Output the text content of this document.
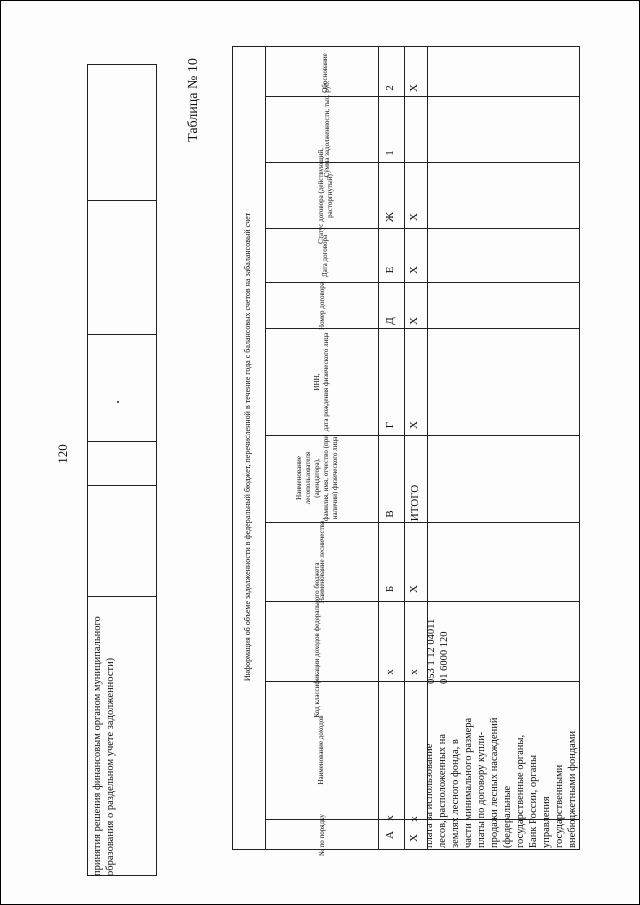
120
Таблица № 10
принятия решения финансовым органом муниципального образования о раздельном учете задолженности)
Информация об объеме задолженности в федеральный бюджет, перечисленной в течение года с балансовых счетов на забалансовый счет
№ по порядку
Наименование доходов
Код классификации доходов федерального бюджета
Наименование лесничества
Наименование лесопользователя (арендатора), фамилия, имя, отчество (при наличии) физического лица
ИНН, дата рождения физического лица
Номер договора
Дата договора
Статус договора (действующий, расторгнутый)
Сумма задолженности, тыс. руб.
Обоснование
А
х
х
Б
В
Г
Д
Е
Ж
1
2
Х
х
х
Х
ИТОГО
Х
Х
Х
Х
Х
053 1 12 04011 01 6000 120
плата за использование лесов, расположенных на землях лесного фонда, в части минимального размера платы по договору купли- продажи лесных насаждений (федеральные государственные органы, Банк России, органы управления государственными внебюджетными фондами
